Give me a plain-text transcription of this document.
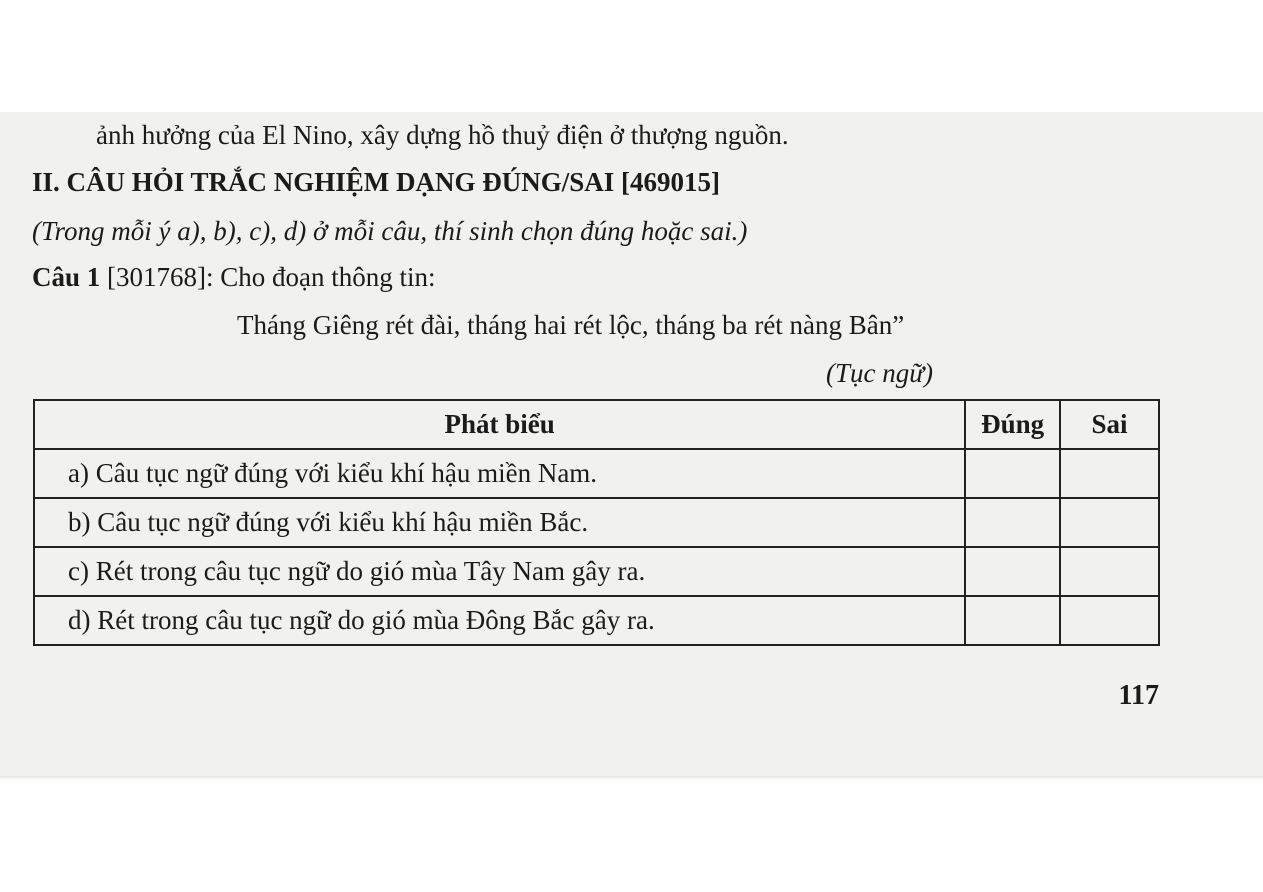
ảnh hưởng của El Nino, xây dựng hồ thuỷ điện ở thượng nguồn.
II. CÂU HỎI TRẮC NGHIỆM DẠNG ĐÚNG/SAI [469015]
(Trong mỗi ý a), b), c), d) ở mỗi câu, thí sinh chọn đúng hoặc sai.)
Câu 1 [301768]: Cho đoạn thông tin:
Tháng Giêng rét đài, tháng hai rét lộc, tháng ba rét nàng Bân”
(Tục ngữ)
Phát biểu	Đúng	Sai
a) Câu tục ngữ đúng với kiểu khí hậu miền Nam.		
b) Câu tục ngữ đúng với kiểu khí hậu miền Bắc.		
c) Rét trong câu tục ngữ do gió mùa Tây Nam gây ra.		
d) Rét trong câu tục ngữ do gió mùa Đông Bắc gây ra.		
117
